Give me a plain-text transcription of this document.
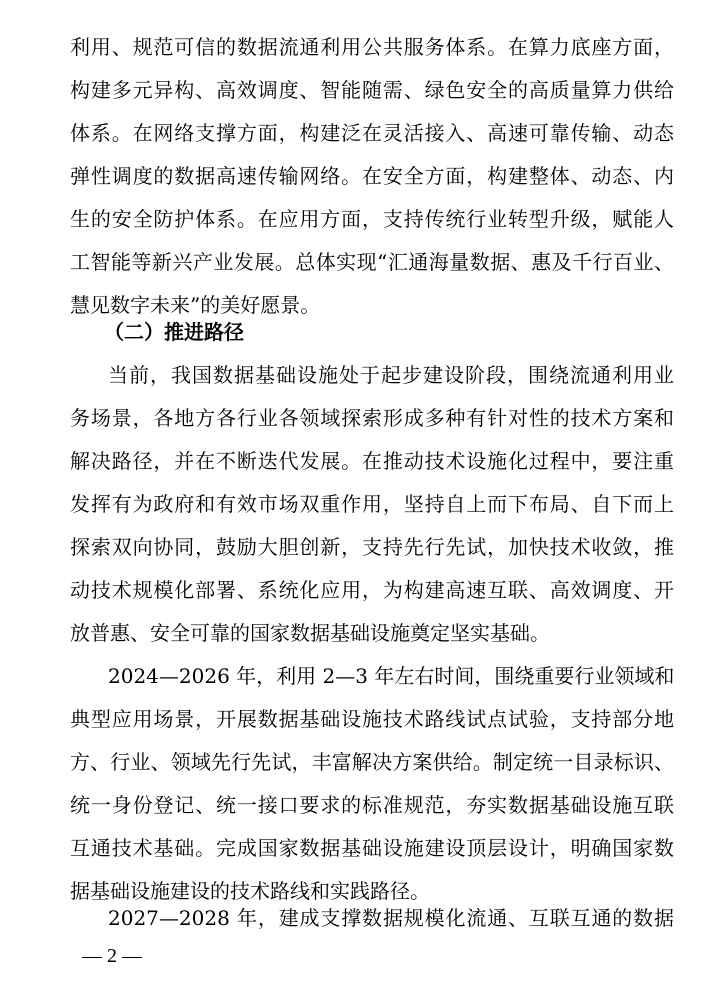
利用、规范可信的数据流通利用公共服务体系。在算力底座方面，
构建多元异构、高效调度、智能随需、绿色安全的高质量算力供给
体系。在网络支撑方面，构建泛在灵活接入、高速可靠传输、动态
弹性调度的数据高速传输网络。在安全方面，构建整体、动态、内
生的安全防护体系。在应用方面，支持传统行业转型升级，赋能人
工智能等新兴产业发展。总体实现“汇通海量数据、惠及千行百业、
慧见数字未来”的美好愿景。
（二）推进路径
当前，我国数据基础设施处于起步建设阶段，围绕流通利用业
务场景，各地方各行业各领域探索形成多种有针对性的技术方案和
解决路径，并在不断迭代发展。在推动技术设施化过程中，要注重
发挥有为政府和有效市场双重作用，坚持自上而下布局、自下而上
探索双向协同，鼓励大胆创新，支持先行先试，加快技术收敛，推
动技术规模化部署、系统化应用，为构建高速互联、高效调度、开
放普惠、安全可靠的国家数据基础设施奠定坚实基础。
2024—2026 年，利用 2—3 年左右时间，围绕重要行业领域和
典型应用场景，开展数据基础设施技术路线试点试验，支持部分地
方、行业、领域先行先试，丰富解决方案供给。制定统一目录标识、
统一身份登记、统一接口要求的标准规范，夯实数据基础设施互联
互通技术基础。完成国家数据基础设施建设顶层设计，明确国家数
据基础设施建设的技术路线和实践路径。
2027—2028 年，建成支撑数据规模化流通、互联互通的数据
— 2 —
